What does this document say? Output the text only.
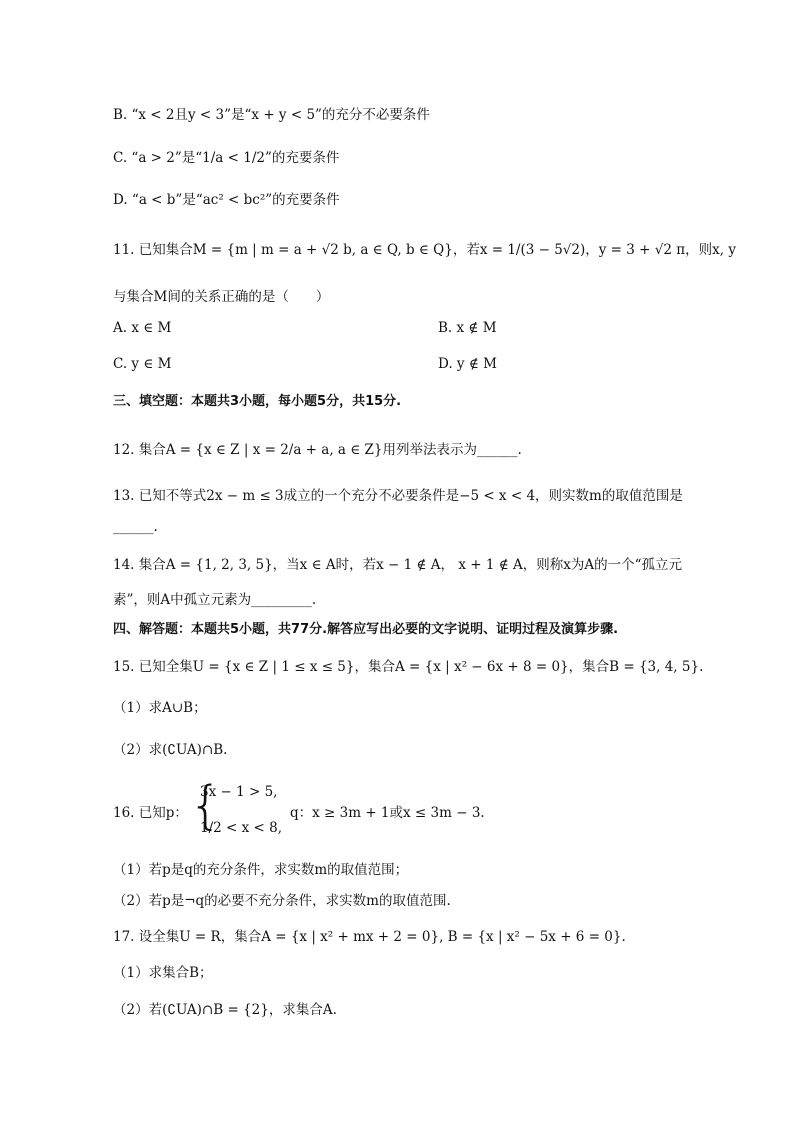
B. “x < 2且y < 3”是“x + y < 5”的充分不必要条件
C. “a > 2”是“1/a < 1/2”的充要条件
D. “a < b”是“ac² < bc²”的充要条件
11. 已知集合M = {m | m = a + √2 b, a ∈ Q, b ∈ Q}，若x = 1/(3 − 5√2)，y = 3 + √2 π，则x, y
与集合M间的关系正确的是（　　）
A. x ∈ M	B. x ∉ M
C. y ∈ M	D. y ∉ M
三、填空题：本题共3小题，每小题5分，共15分.
12. 集合A = {x ∈ Z | x = 2/a + a, a ∈ Z}用列举法表示为______.
13. 已知不等式2x − m ≤ 3成立的一个充分不必要条件是−5 < x < 4，则实数m的取值范围是
______.
14. 集合A = {1, 2, 3, 5}，当x ∈ A时，若x − 1 ∉ A， x + 1 ∉ A，则称x为A的一个“孤立元
素”，则A中孤立元素为_________.
四、解答题：本题共5小题，共77分.解答应写出必要的文字说明、证明过程及演算步骤.
15. 已知全集U = {x ∈ Z | 1 ≤ x ≤ 5}，集合A = {x | x² − 6x + 8 = 0}，集合B = {3, 4, 5}.
（1）求A∪B；
（2）求(∁UA)∩B.
16. 已知p： {
3x − 1 > 5,
1/2 < x < 8,
q：x ≥ 3m + 1或x ≤ 3m − 3.
（1）若p是q的充分条件，求实数m的取值范围；
（2）若p是¬q的必要不充分条件，求实数m的取值范围.
17. 设全集U = R，集合A = {x | x² + mx + 2 = 0}, B = {x | x² − 5x + 6 = 0}.
（1）求集合B；
（2）若(∁UA)∩B = {2}，求集合A.
